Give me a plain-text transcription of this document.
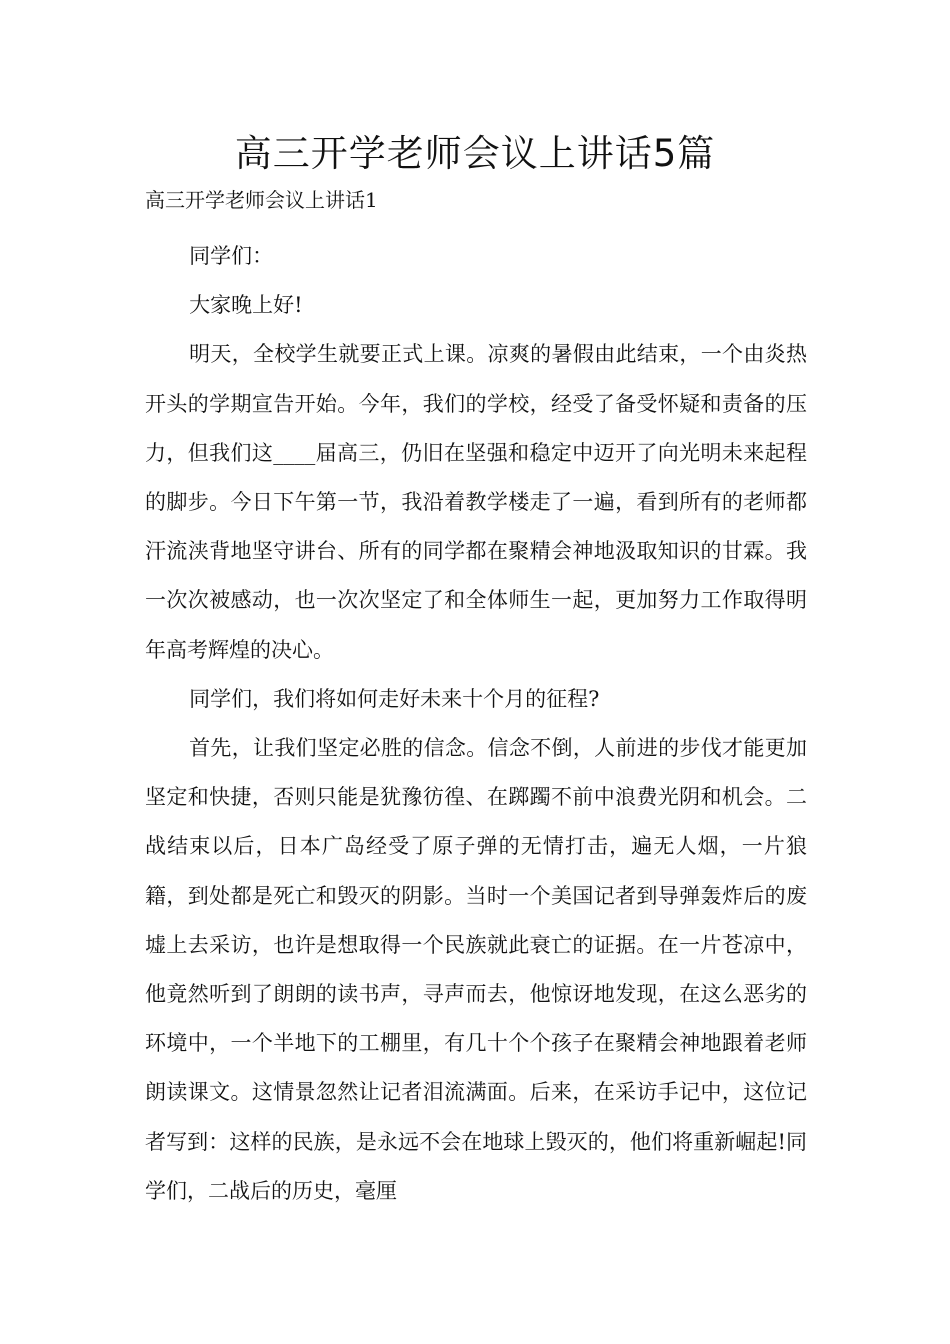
高三开学老师会议上讲话5篇
高三开学老师会议上讲话1

同学们：

大家晚上好!

明天，全校学生就要正式上课。凉爽的暑假由此结束，一个由炎热开头的学期宣告开始。今年，我们的学校，经受了备受怀疑和责备的压力，但我们这____届高三，仍旧在坚强和稳定中迈开了向光明未来起程的脚步。今日下午第一节，我沿着教学楼走了一遍，看到所有的老师都汗流浃背地坚守讲台、所有的同学都在聚精会神地汲取知识的甘霖。我一次次被感动，也一次次坚定了和全体师生一起，更加努力工作取得明年高考辉煌的决心。

同学们，我们将如何走好未来十个月的征程?

首先，让我们坚定必胜的信念。信念不倒，人前进的步伐才能更加坚定和快捷，否则只能是犹豫彷徨、在踯躅不前中浪费光阴和机会。二战结束以后，日本广岛经受了原子弹的无情打击，遍无人烟，一片狼籍，到处都是死亡和毁灭的阴影。当时一个美国记者到导弹轰炸后的废墟上去采访，也许是想取得一个民族就此衰亡的证据。在一片苍凉中，他竟然听到了朗朗的读书声，寻声而去，他惊讶地发现，在这么恶劣的环境中，一个半地下的工棚里，有几十个个孩子在聚精会神地跟着老师朗读课文。这情景忽然让记者泪流满面。后来，在采访手记中，这位记者写到：这样的民族，是永远不会在地球上毁灭的，他们将重新崛起!同学们，二战后的历史，毫厘
